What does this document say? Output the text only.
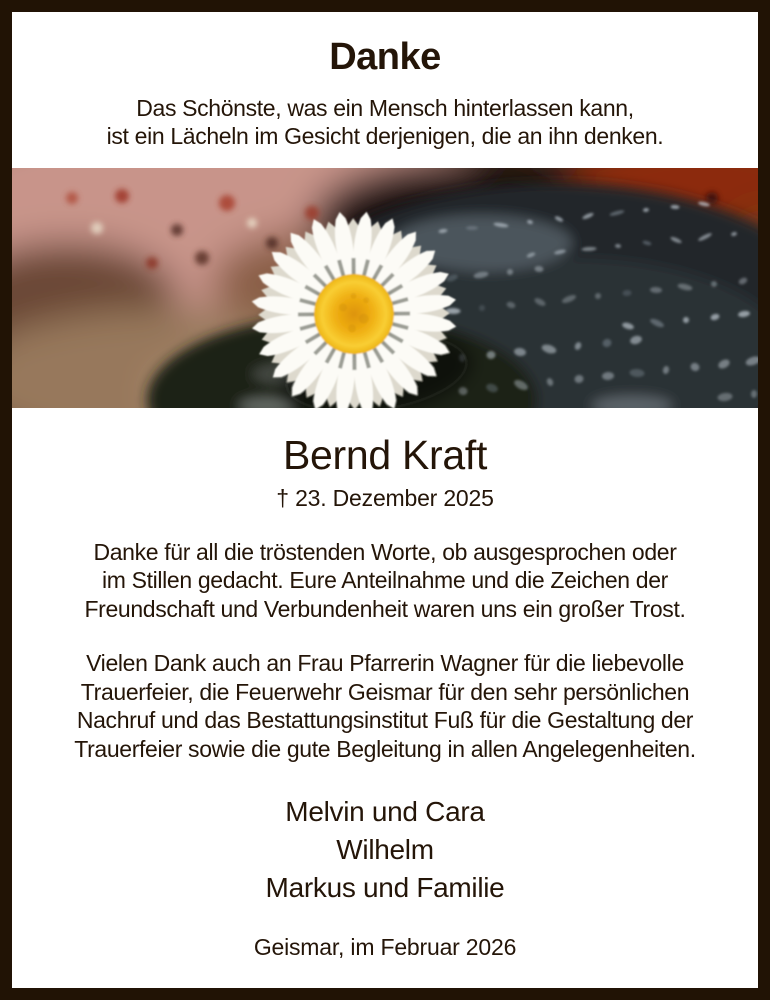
Danke
Das Schönste, was ein Mensch hinterlassen kann,
ist ein Lächeln im Gesicht derjenigen, die an ihn denken.
Bernd Kraft
† 23. Dezember 2025
Danke für all die tröstenden Worte, ob ausgesprochen oder
im Stillen gedacht. Eure Anteilnahme und die Zeichen der
Freundschaft und Verbundenheit waren uns ein großer Trost.
Vielen Dank auch an Frau Pfarrerin Wagner für die liebevolle
Trauerfeier, die Feuerwehr Geismar für den sehr persönlichen
Nachruf und das Bestattungsinstitut Fuß für die Gestaltung der
Trauerfeier sowie die gute Begleitung in allen Angelegenheiten.
Melvin und Cara
Wilhelm
Markus und Familie
Geismar, im Februar 2026
